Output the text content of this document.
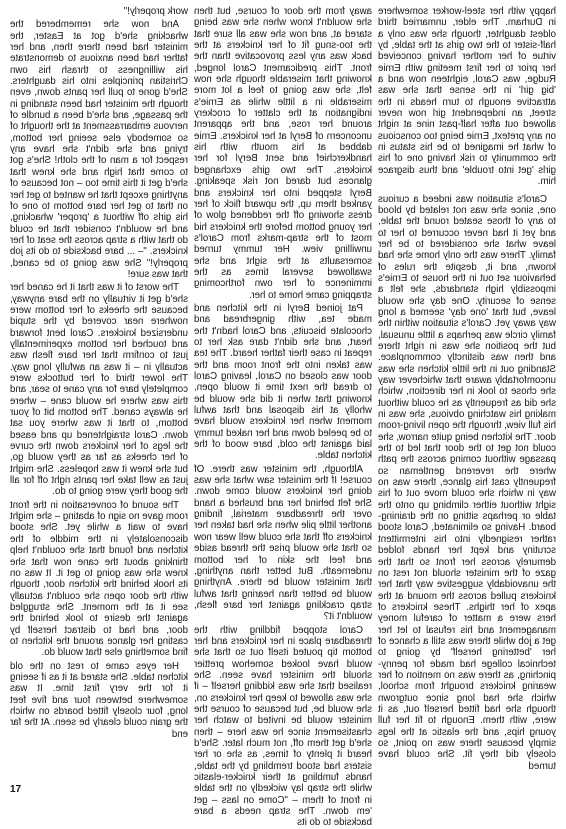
happy with her steel-worker somewhere in Durham. The elder, unmarried third oldest daughter, though she was only a half-sister to the two girls at the table, by virtue of her mother having conceived her prior to her first meeting with Ernie Rudge, was Carol, eighteen now and a 'big girl' in the sense that she was attractive enough to turn heads in the street, an independent girl now never allowed out after half-past nine at night on any pretext, Ernie being too conscious of what he imagined to be his status in the community to risk having one of his girls 'get into trouble' and thus disgrace him.

Carol's situation was indeed a curious one, since she was not related by blood to any of those seated round the table, and yet it had never occurred to her to leave what she considered to be her family. There was the only home she had known, and it, despite the rules of behaviour set out in the house to Ernie's impossibly high standards, she felt a sense of security. One day she would leave, but that 'one day' seemed a long way away yet. Carol's situation within the family circle was perhaps a little unusual, but the position she was in right there and then was distinctly commonplace. Standing out in the little kitchen she was uncomfortably aware that whichever way she chose to look in her direction, which she did as frequently as he could without making his watching obvious, she was in his full view, through the open living-room door. The kitchen being quite narrow, she could not get to the door that led to the passage without coming across the path where the reverend gentleman so frequently cast his glance, there was no way in which she could move out of his sight without either climbing up onto the table or perhaps sitting on the draining-board. Having so eliminated, Carol stood rather resignedly into his intermittent scrutiny and kept her hands folded demurely across her front so that the gaze of the minister should not rest on the unavoidably suggestive way that her knickers pulled across the mound at the apex of her thighs. These knickers of hers were a matter of careful money management and his refusal to let her get a job while there was still a chance of her 'bettering herself' by going to technical college had made for penny-pinching, as there was no mention of her wearing knickers brought from school, which she had long since outgrown though she had fitted herself out, as it were, with them. Enough to fit her full young hips, and the elastic at the legs simply because there was no point, so closely did they fit. She could have turned

away from the door of course, but then she wouldn't know when she was being stared at, and now she was all sure that the too-snug fit of her knickers at the back was any less provocative than the front. This predicament Carol longed, knowing that miserable though she now felt, she was going to feel a lot more miserable in a little while as Ernie's indignation at the clatter of crockery around her rose, and the apparent unconcern of Beryl at her knickers. Ernie dabbed at his mouth with his handkerchief and sent Beryl for her knickers. The two girls exchanged glances but dared not risk speaking. Beryl stepped into her knickers and yanked them up, the upward flick of her dress showing off the reddened glow of her young bottom before the knickers hid most of the strap-marks from Carol's unwilling view. Her tummy turned somersaults at the sight and she swallowed several times as the imminence of her own forthcoming strapping came home to her.

Pat joined Beryl in the kitchen and made tea, with gingerbread and chocolate biscuits, and Carol hadn't the heart, and she didn't dare ask her to repeat in case their father heard. The tea was taken into the front room and the door was closed on Carol, leaving Carol to dread the next time it would open, knowing that when it did she would be wholly at his disposal and that awful moment when her knickers would have to be peeled down and her naked tummy laid against the cold, bare wood of the kitchen table.

Although, the minister was there. Of course! If the minister saw what she was doing her knickers would come down. She felt behind her and brushed a hand over the threadbare material, finding another little pile when she had taken her knickers off that she could well wear now so that she would prise the thread aside and feel the skin of her bottom underneath. But better than anything, that minister would be there. Anything would be better than hearing that awful strap crackling against her bare flesh, wouldn't it?

Carol stopped fiddling with the threadbare place in her knickers and her bottom tip pouted itself out so that she would have looked somehow prettier should the minister have seen. She realised that she was kidding herself – if she was allowed to keep her knickers on, she would be, but because of course the minister would be invited to watch her chastisement since he was here – then she'd get them off, not much later. She'd heard it plenty of times, as she or her sisters had stood trembling by the table, hands fumbling at their knicker-elastic while the strap lay wickedly on the table in front of them – "Come on lass – get 'em down. The strap needs a bare backside to do its

work properly!"

And now she remembered the whacking she'd got at Easter, the minister had been there then, and her father had been anxious to demonstrate his willingness to thrash his own Christian principles into his daughters. She'd gone to pull her pants down, even though the minister had been standing in the passage, and she'd been a bundle of nervous embarrassment at the thought of so somebody else seeing her bottom, trying and she didn't she have any respect for a man of the cloth! She's got to come that high and she knew that she'd get it this time too – not because of anything except that he wanted to get her on that to get her bare bottom to one of his girls off without a 'proper' whacking, and he wouldn't consider that he could do that with a strap across the seat of her knickers. "– ... bare backside to do its job properly!" She was going to be caned, that was sure!

The worst of it was that it he caned her she'd get it virtually on the bare anyway, because the cheeks of her bottom were nowhere near covered by the stupid undersized knickers. Carol bent forward and touched her bottom experimentally just to confirm that her bare flesh was actually in – it was an awfully long way. The lower third of her buttocks were completely bare for any cane to sear, and this was where he would cane – where he always caned. The bottom bit of your bottom, to that it was where you sat down. Carol straightened up and eased the legs of her knickers down the curve of her cheeks as far as they would go, but she knew it was hopeless. She might just as well take her pants right off for all the good they were going to do.

The sound of conversation in the front room gave no sign of abating – she might have to wait a while yet. She stood disconsolately in the middle of the kitchen and found that she couldn't help thinking about the cane now that she knew she was going to get it. It was on its hook behind the kitchen door, though with the door open she couldn't actually see it at the moment. She struggled against the desire to look behind the door, and had to distract herself by casting her glance around the kitchen to find something else that would do.

Her eyes came to rest on the old kitchen table. She stared at it as if seeing it for the very first time. It was somewhere between four and five feet long, four closely fitted boards on which the grain could clearly be seen. At the far end

17
